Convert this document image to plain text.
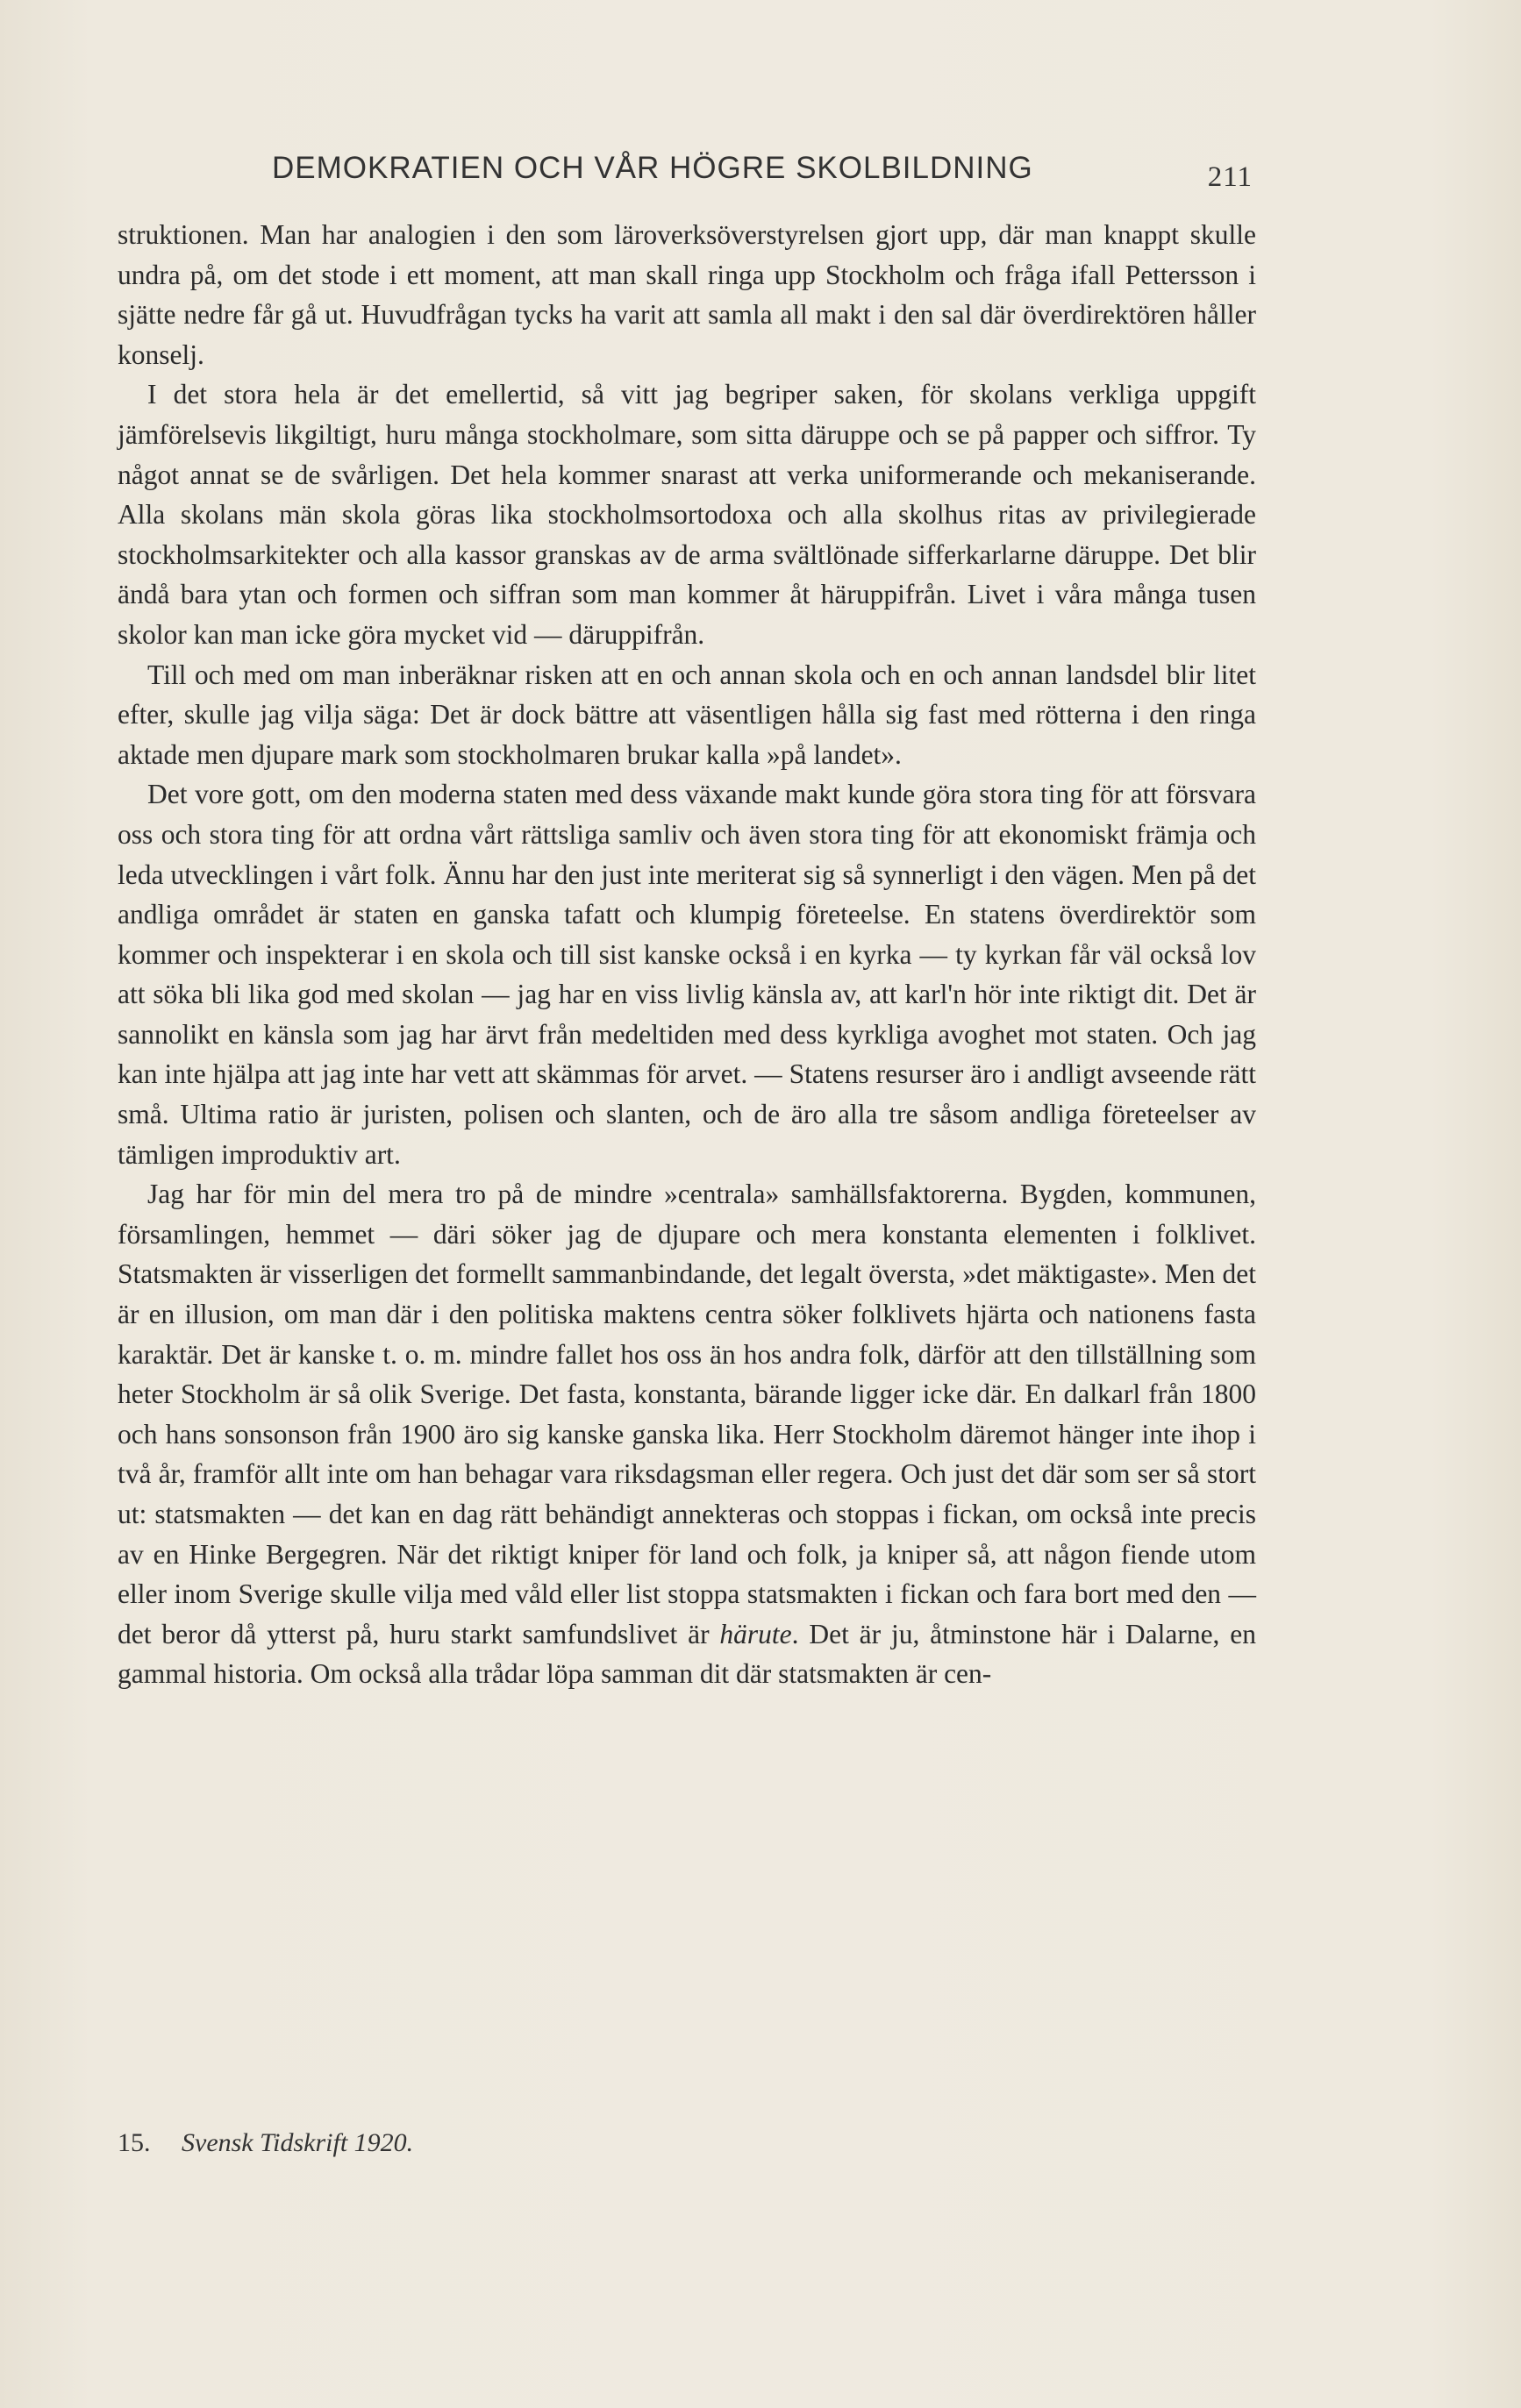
DEMOKRATIEN OCH VÅR HÖGRE SKOLBILDNING	211

struktionen. Man har analogien i den som läroverksöverstyrelsen gjort upp, där man knappt skulle undra på, om det stode i ett moment, att man skall ringa upp Stockholm och fråga ifall Pettersson i sjätte nedre får gå ut. Huvudfrågan tycks ha varit att samla all makt i den sal där överdirektören håller konselj.

I det stora hela är det emellertid, så vitt jag begriper saken, för skolans verkliga uppgift jämförelsevis likgiltigt, huru många stockholmare, som sitta däruppe och se på papper och siffror. Ty något annat se de svårligen. Det hela kommer snarast att verka uniformerande och mekaniserande. Alla skolans män skola göras lika stockholmsortodoxa och alla skolhus ritas av privilegierade stockholmsarkitekter och alla kassor granskas av de arma svältlönade sifferkarlarne däruppe. Det blir ändå bara ytan och formen och siffran som man kommer åt häruppifrån. Livet i våra många tusen skolor kan man icke göra mycket vid — däruppifrån.

Till och med om man inberäknar risken att en och annan skola och en och annan landsdel blir litet efter, skulle jag vilja säga: Det är dock bättre att väsentligen hålla sig fast med rötterna i den ringa aktade men djupare mark som stockholmaren brukar kalla »på landet».

Det vore gott, om den moderna staten med dess växande makt kunde göra stora ting för att försvara oss och stora ting för att ordna vårt rättsliga samliv och även stora ting för att ekonomiskt främja och leda utvecklingen i vårt folk. Ännu har den just inte meriterat sig så synnerligt i den vägen. Men på det andliga området är staten en ganska tafatt och klumpig företeelse. En statens överdirektör som kommer och inspekterar i en skola och till sist kanske också i en kyrka — ty kyrkan får väl också lov att söka bli lika god med skolan — jag har en viss livlig känsla av, att karl'n hör inte riktigt dit. Det är sannolikt en känsla som jag har ärvt från medeltiden med dess kyrkliga avoghet mot staten. Och jag kan inte hjälpa att jag inte har vett att skämmas för arvet. — Statens resurser äro i andligt avseende rätt små. Ultima ratio är juristen, polisen och slanten, och de äro alla tre såsom andliga företeelser av tämligen improduktiv art.

Jag har för min del mera tro på de mindre »centrala» samhällsfaktorerna. Bygden, kommunen, församlingen, hemmet — däri söker jag de djupare och mera konstanta elementen i folklivet. Statsmakten är visserligen det formellt sammanbindande, det legalt översta, »det mäktigaste». Men det är en illusion, om man där i den politiska maktens centra söker folklivets hjärta och nationens fasta karaktär. Det är kanske t. o. m. mindre fallet hos oss än hos andra folk, därför att den tillställning som heter Stockholm är så olik Sverige. Det fasta, konstanta, bärande ligger icke där. En dalkarl från 1800 och hans sonsonson från 1900 äro sig kanske ganska lika. Herr Stockholm däremot hänger inte ihop i två år, framför allt inte om han behagar vara riksdagsman eller regera. Och just det där som ser så stort ut: statsmakten — det kan en dag rätt behändigt annekteras och stoppas i fickan, om också inte precis av en Hinke Bergegren. När det riktigt kniper för land och folk, ja kniper så, att någon fiende utom eller inom Sverige skulle vilja med våld eller list stoppa statsmakten i fickan och fara bort med den — det beror då ytterst på, huru starkt samfundslivet är härute. Det är ju, åtminstone här i Dalarne, en gammal historia. Om också alla trådar löpa samman dit där statsmakten är cen-

15. Svensk Tidskrift 1920.
